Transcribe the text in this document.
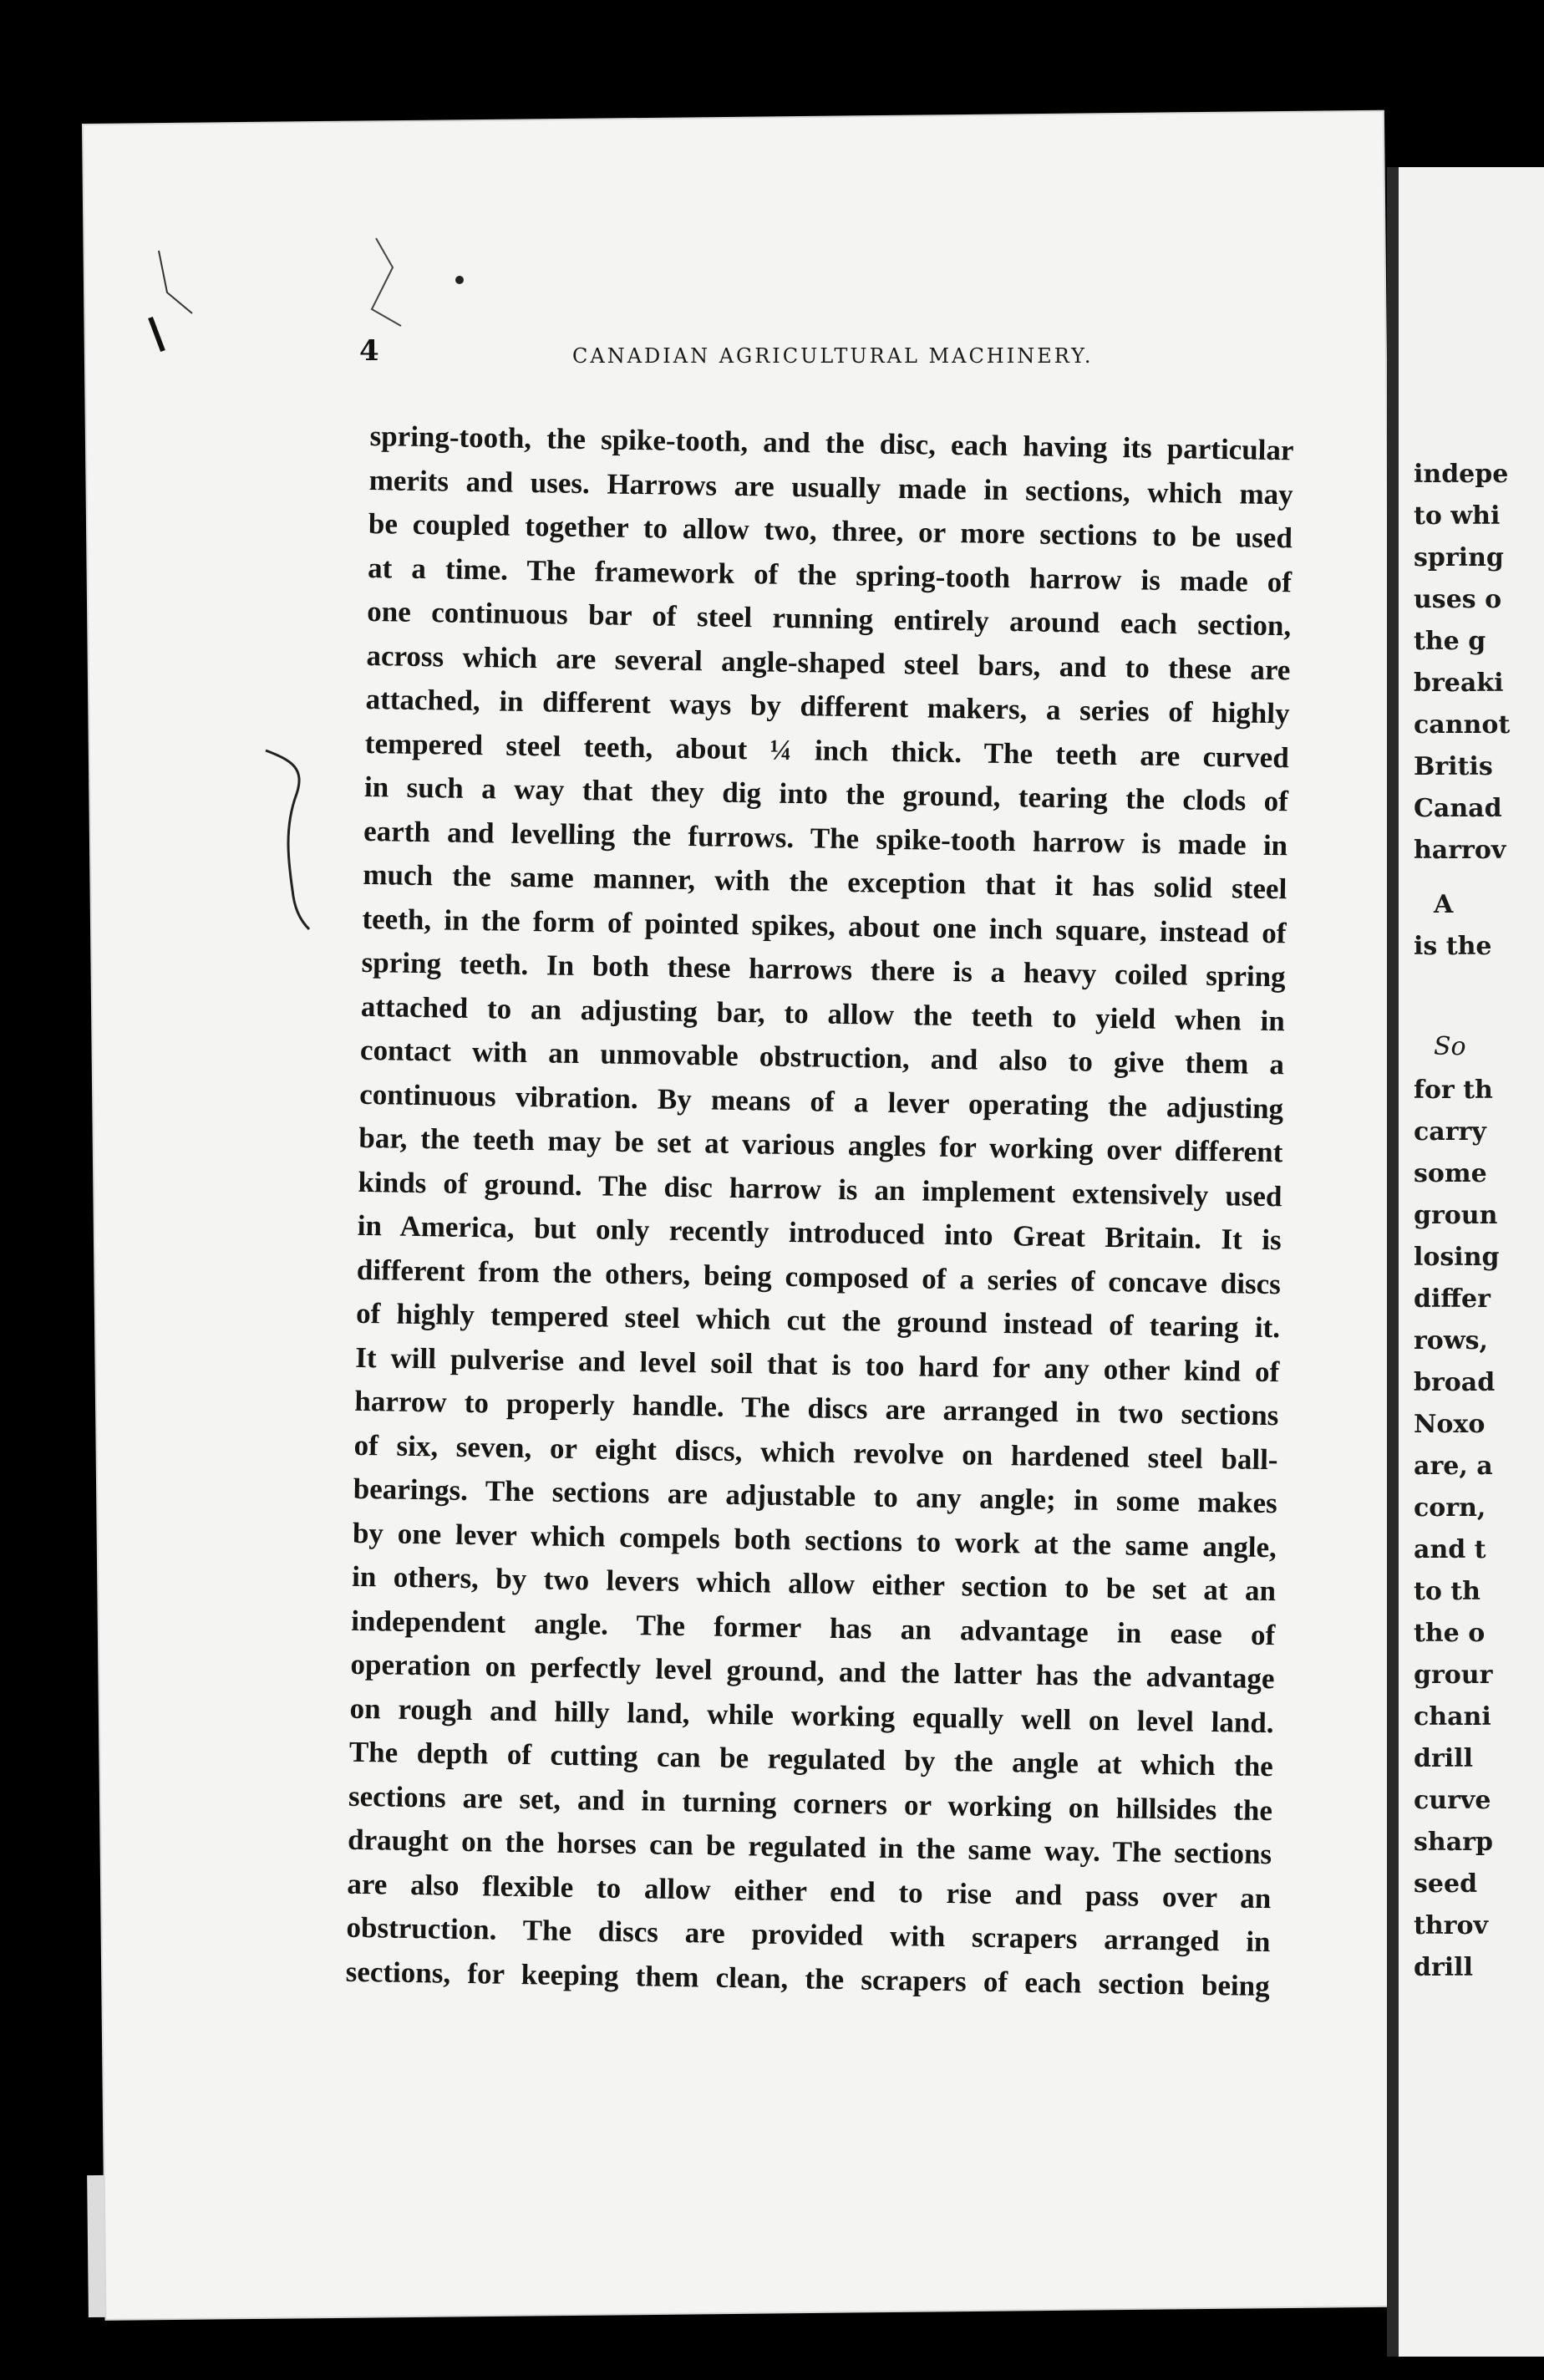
indepe
to whi
spring
uses o
the g
breaki
cannot
Britis
Canad
harrov
A
is the
So
for th
carry
some
groun
losing
differ
rows,
broad
Noxo
are, a
corn,
and t
to th
the o
grour
chani
drill
curve
sharp
seed
throv
drill
4	CANADIAN AGRICULTURAL MACHINERY.
spring-tooth, the spike-tooth, and the disc, each having its particular
merits and uses. Harrows are usually made in sections, which may
be coupled together to allow two, three, or more sections to be used
at a time. The framework of the spring-tooth harrow is made of
one continuous bar of steel running entirely around each section,
across which are several angle-shaped steel bars, and to these are
attached, in different ways by different makers, a series of highly
tempered steel teeth, about ¼ inch thick. The teeth are curved
in such a way that they dig into the ground, tearing the clods of
earth and levelling the furrows. The spike-tooth harrow is made in
much the same manner, with the exception that it has solid steel
teeth, in the form of pointed spikes, about one inch square, instead of
spring teeth. In both these harrows there is a heavy coiled spring
attached to an adjusting bar, to allow the teeth to yield when in
contact with an unmovable obstruction, and also to give them a
continuous vibration. By means of a lever operating the adjusting
bar, the teeth may be set at various angles for working over different
kinds of ground. The disc harrow is an implement extensively used
in America, but only recently introduced into Great Britain. It is
different from the others, being composed of a series of concave discs
of highly tempered steel which cut the ground instead of tearing it.
It will pulverise and level soil that is too hard for any other kind of
harrow to properly handle. The discs are arranged in two sections
of six, seven, or eight discs, which revolve on hardened steel ball-
bearings. The sections are adjustable to any angle; in some makes
by one lever which compels both sections to work at the same angle,
in others, by two levers which allow either section to be set at an
independent angle. The former has an advantage in ease of
operation on perfectly level ground, and the latter has the advantage
on rough and hilly land, while working equally well on level land.
The depth of cutting can be regulated by the angle at which the
sections are set, and in turning corners or working on hillsides the
draught on the horses can be regulated in the same way. The sections
are also flexible to allow either end to rise and pass over an
obstruction. The discs are provided with scrapers arranged in
sections, for keeping them clean, the scrapers of each section being
